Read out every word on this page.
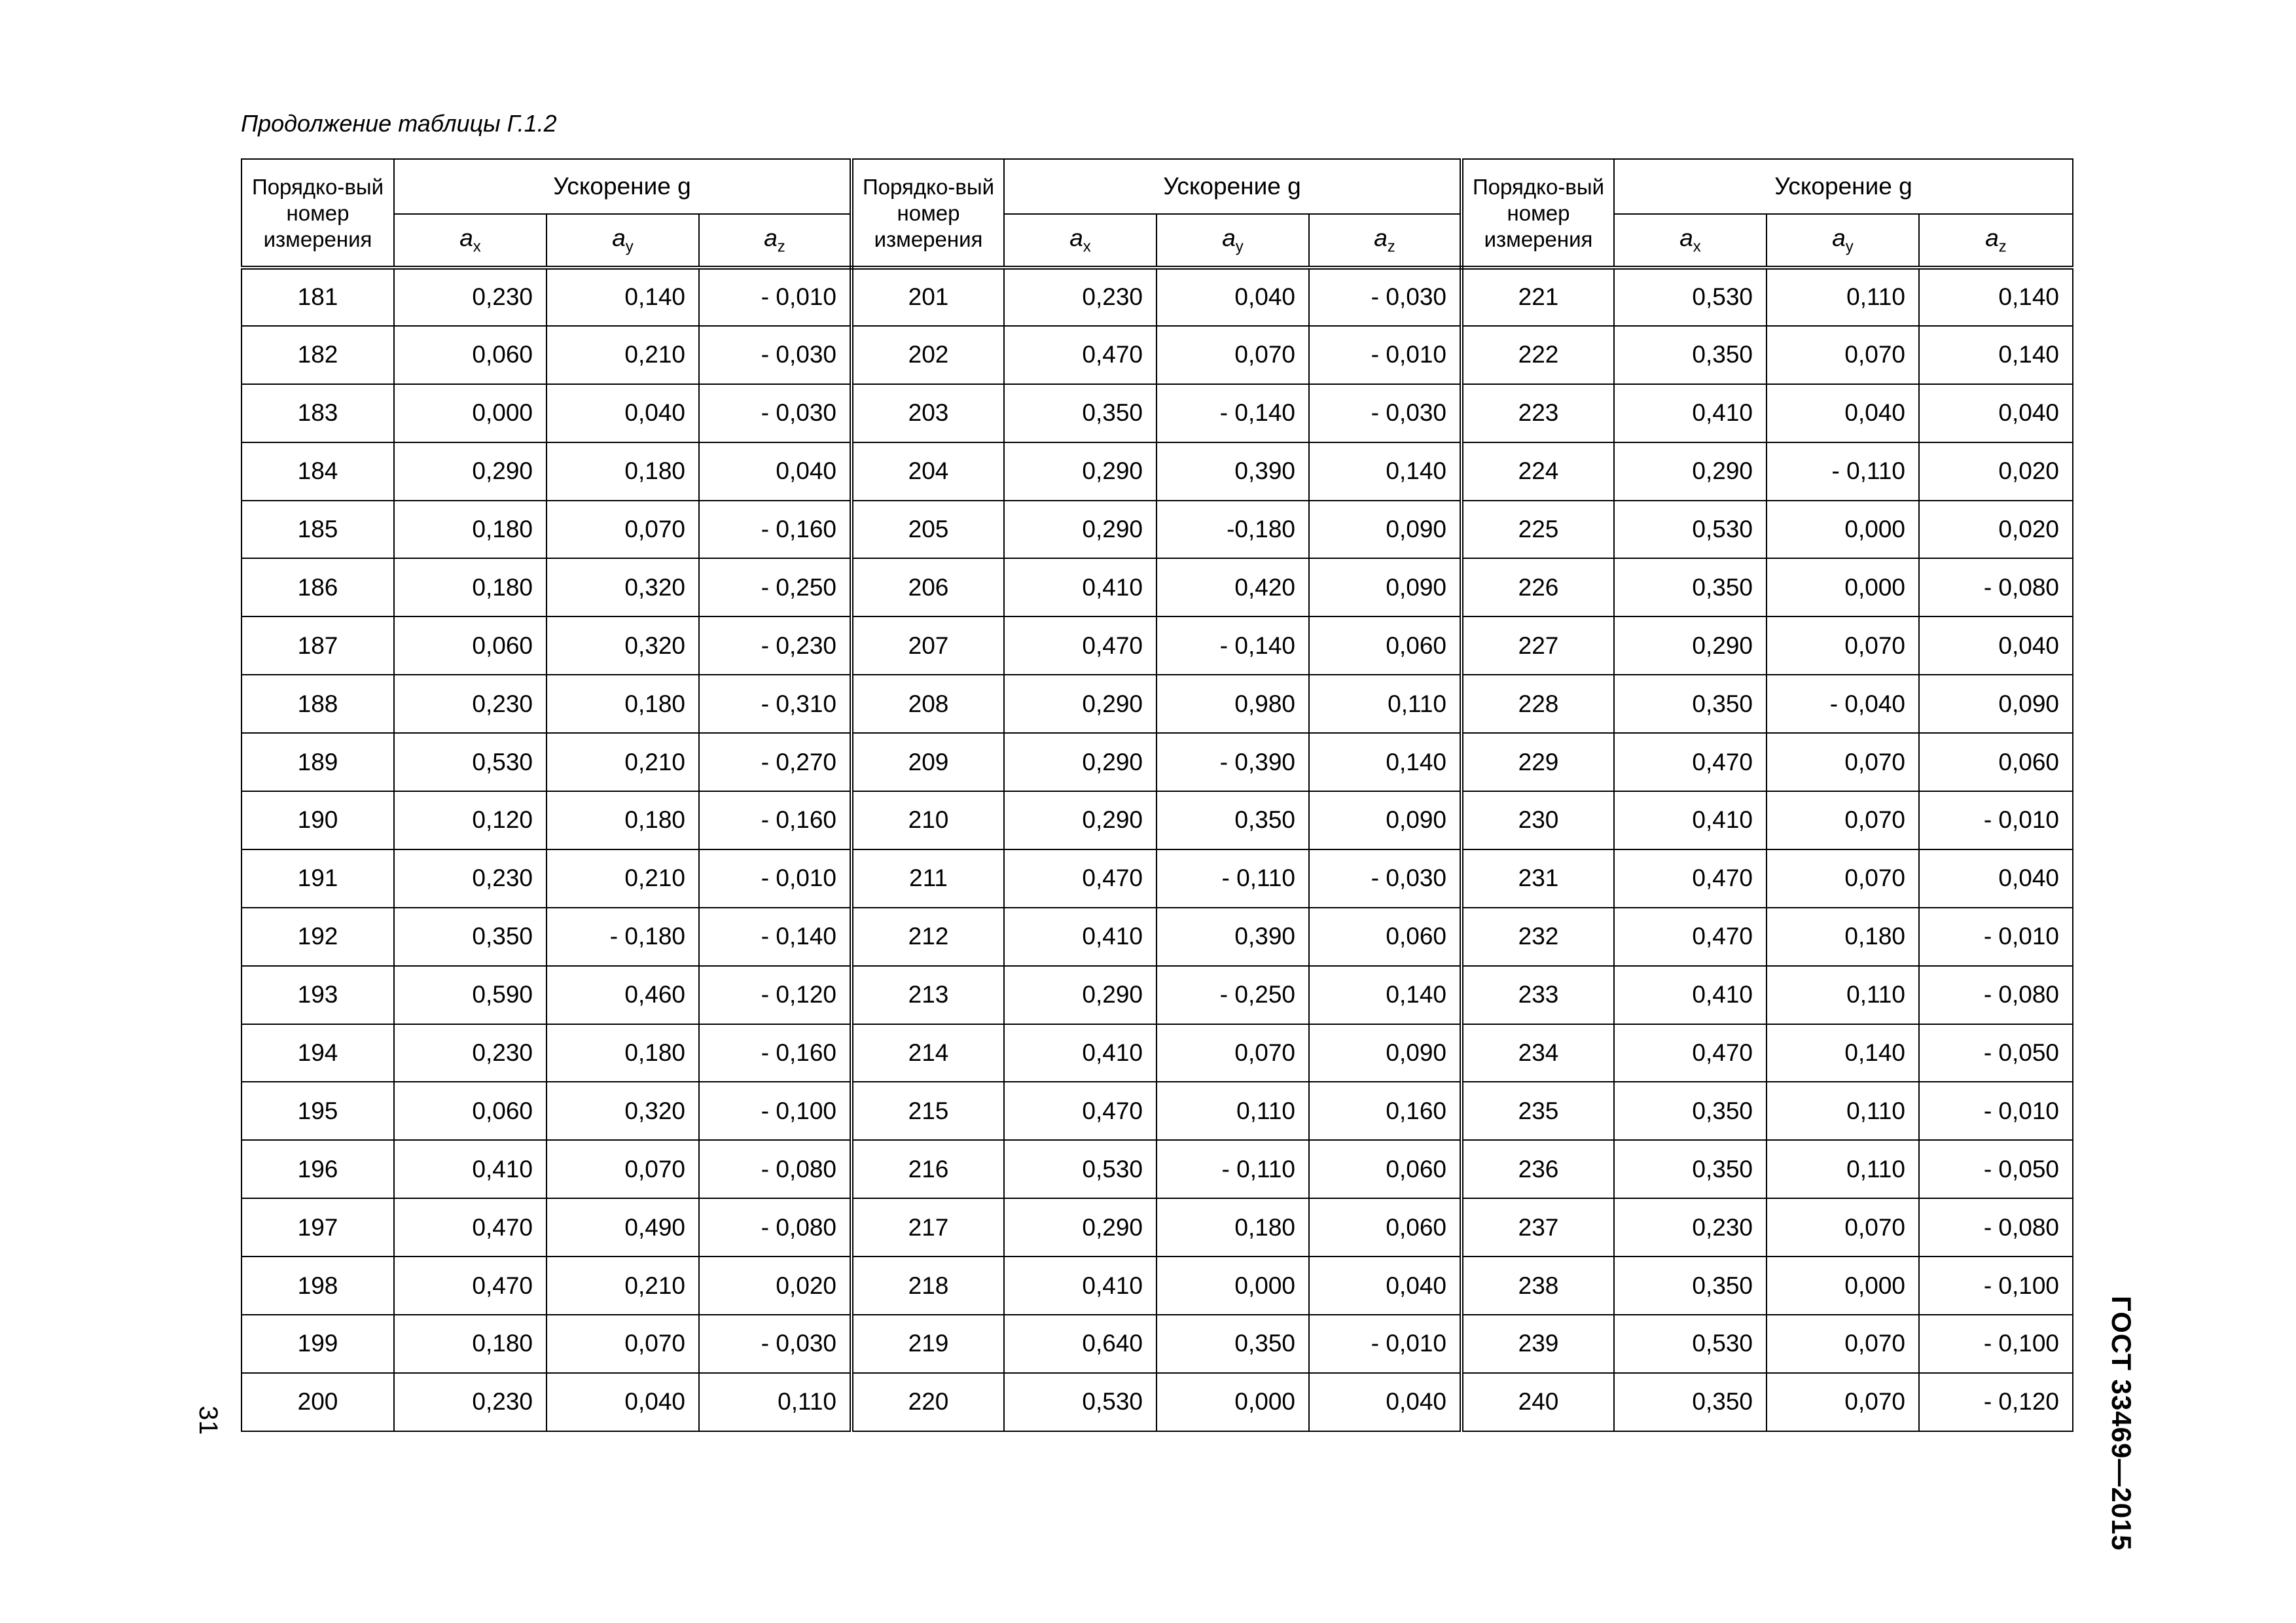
Продолжение таблицы Г.1.2
Порядко-вый номер измерения	Ускорение g			Порядко-вый номер измерения	Ускорение g			Порядко-вый номер измерения	Ускорение g		
	$a_x$	$a_y$	$a_z$		$a_x$	$a_y$	$a_z$		$a_x$	$a_y$	$a_z$
181	0,230	0,140	- 0,010	201	0,230	0,040	- 0,030	221	0,530	0,110	0,140
182	0,060	0,210	- 0,030	202	0,470	0,070	- 0,010	222	0,350	0,070	0,140
183	0,000	0,040	- 0,030	203	0,350	- 0,140	- 0,030	223	0,410	0,040	0,040
184	0,290	0,180	0,040	204	0,290	0,390	0,140	224	0,290	- 0,110	0,020
185	0,180	0,070	- 0,160	205	0,290	-0,180	0,090	225	0,530	0,000	0,020
186	0,180	0,320	- 0,250	206	0,410	0,420	0,090	226	0,350	0,000	- 0,080
187	0,060	0,320	- 0,230	207	0,470	- 0,140	0,060	227	0,290	0,070	0,040
188	0,230	0,180	- 0,310	208	0,290	0,980	0,110	228	0,350	- 0,040	0,090
189	0,530	0,210	- 0,270	209	0,290	- 0,390	0,140	229	0,470	0,070	0,060
190	0,120	0,180	- 0,160	210	0,290	0,350	0,090	230	0,410	0,070	- 0,010
191	0,230	0,210	- 0,010	211	0,470	- 0,110	- 0,030	231	0,470	0,070	0,040
192	0,350	- 0,180	- 0,140	212	0,410	0,390	0,060	232	0,470	0,180	- 0,010
193	0,590	0,460	- 0,120	213	0,290	- 0,250	0,140	233	0,410	0,110	- 0,080
194	0,230	0,180	- 0,160	214	0,410	0,070	0,090	234	0,470	0,140	- 0,050
195	0,060	0,320	- 0,100	215	0,470	0,110	0,160	235	0,350	0,110	- 0,010
196	0,410	0,070	- 0,080	216	0,530	- 0,110	0,060	236	0,350	0,110	- 0,050
197	0,470	0,490	- 0,080	217	0,290	0,180	0,060	237	0,230	0,070	- 0,080
198	0,470	0,210	0,020	218	0,410	0,000	0,040	238	0,350	0,000	- 0,100
199	0,180	0,070	- 0,030	219	0,640	0,350	- 0,010	239	0,530	0,070	- 0,100
200	0,230	0,040	0,110	220	0,530	0,000	0,040	240	0,350	0,070	- 0,120 ГОСТ 33469—2015
31
